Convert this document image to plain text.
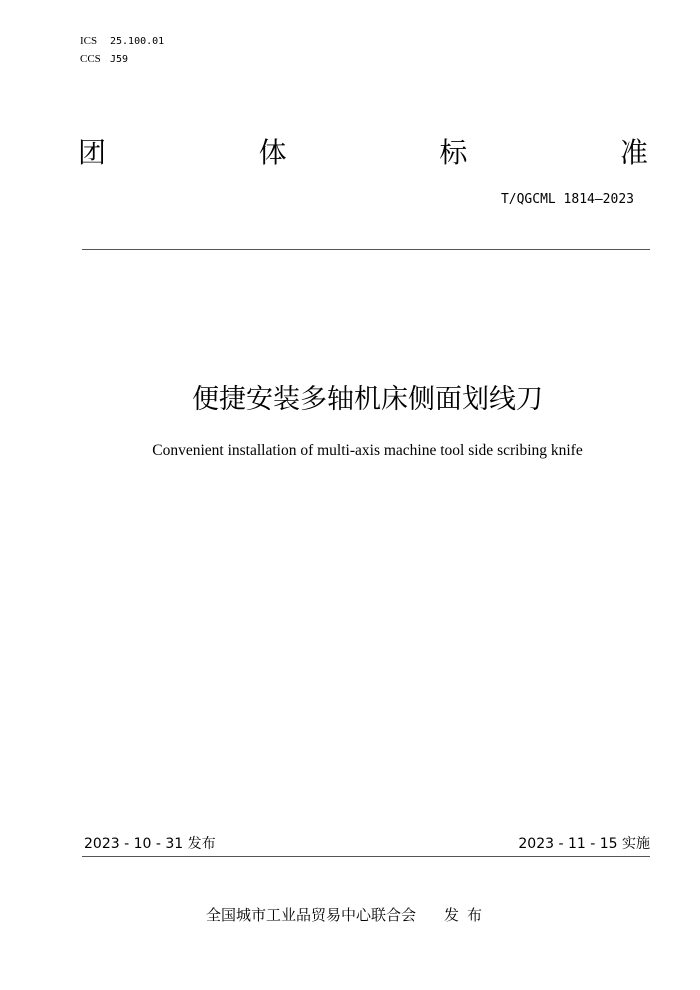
ICS 25.100.01
CCS J59
团	体	标	准
T/QGCML 1814—2023
便捷安装多轴机床侧面划线刀
Convenient installation of multi-axis machine tool side scribing knife
2023 - 10 - 31 发布	2023 - 11 - 15 实施
全国城市工业品贸易中心联合会 发布
